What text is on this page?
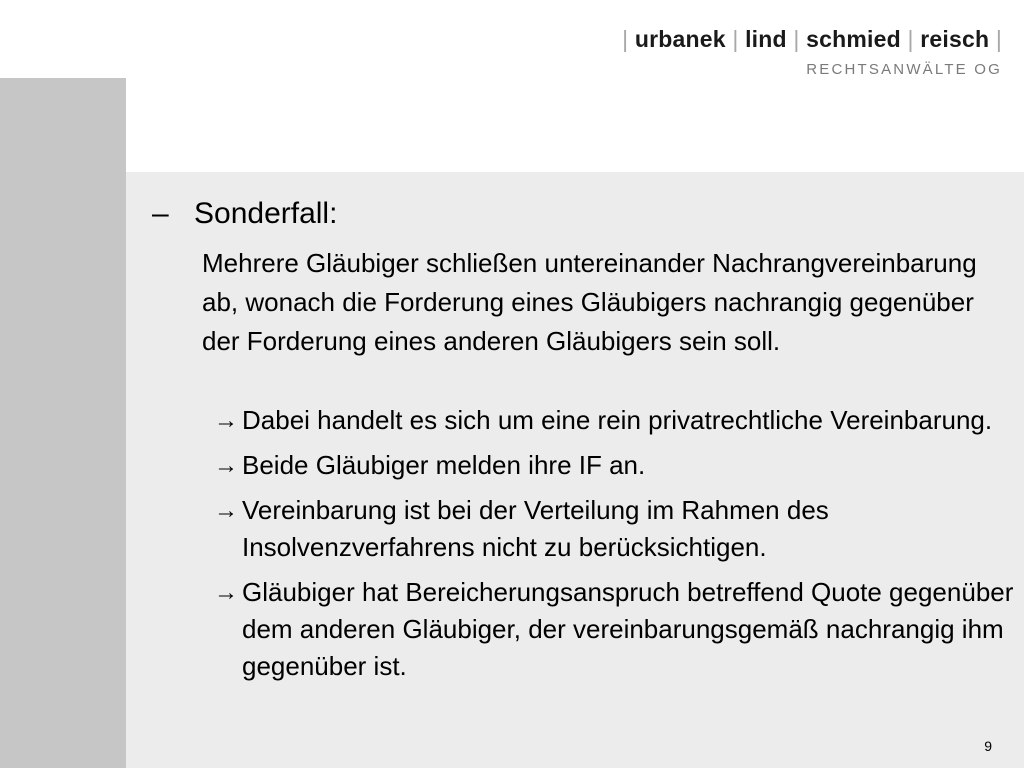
| urbanek | lind | schmied | reisch |
RECHTSANWÄLTE OG
– Sonderfall:

Mehrere Gläubiger schließen untereinander Nachrangvereinbarung ab, wonach die Forderung eines Gläubigers nachrangig gegenüber der Forderung eines anderen Gläubigers sein soll.

→ Dabei handelt es sich um eine rein privatrechtliche Vereinbarung.
→ Beide Gläubiger melden ihre IF an.
→ Vereinbarung ist bei der Verteilung im Rahmen des Insolvenzverfahrens nicht zu berücksichtigen.
→ Gläubiger hat Bereicherungsanspruch betreffend Quote gegenüber dem anderen Gläubiger, der vereinbarungsgemäß nachrangig ihm gegenüber ist.
9
